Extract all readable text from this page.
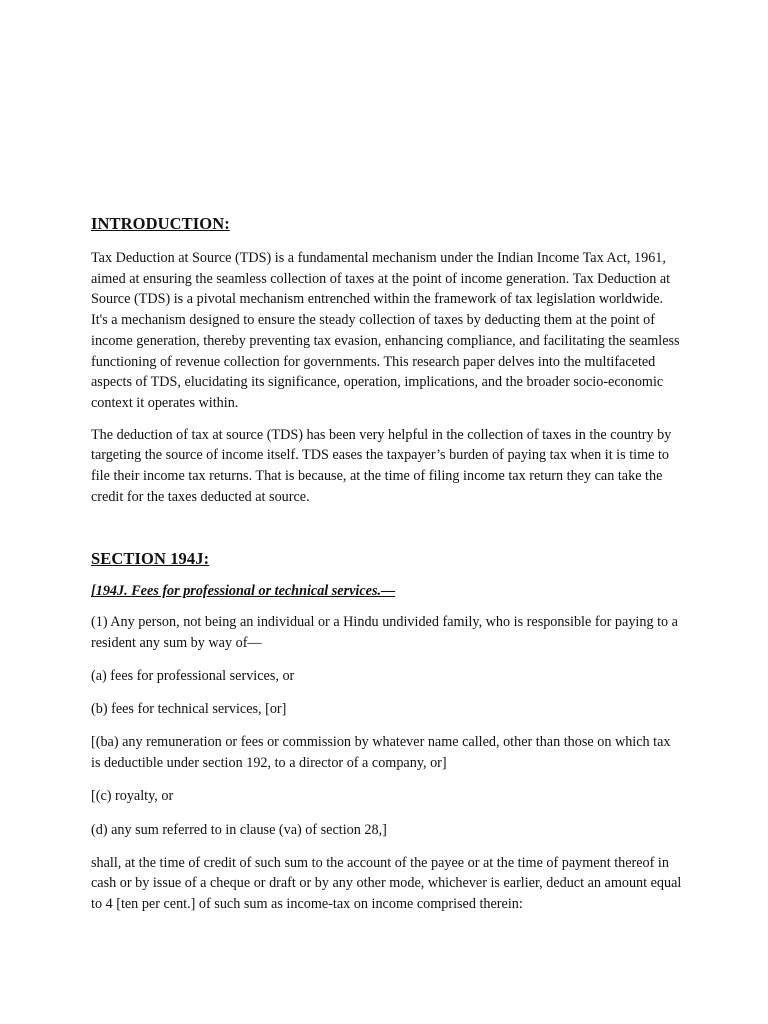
INTRODUCTION:

Tax Deduction at Source (TDS) is a fundamental mechanism under the Indian Income Tax Act, 1961, aimed at ensuring the seamless collection of taxes at the point of income generation. Tax Deduction at Source (TDS) is a pivotal mechanism entrenched within the framework of tax legislation worldwide. It's a mechanism designed to ensure the steady collection of taxes by deducting them at the point of income generation, thereby preventing tax evasion, enhancing compliance, and facilitating the seamless functioning of revenue collection for governments. This research paper delves into the multifaceted aspects of TDS, elucidating its significance, operation, implications, and the broader socio-economic context it operates within.

The deduction of tax at source (TDS) has been very helpful in the collection of taxes in the country by targeting the source of income itself. TDS eases the taxpayer’s burden of paying tax when it is time to file their income tax returns. That is because, at the time of filing income tax return they can take the credit for the taxes deducted at source.

SECTION 194J:
[194J. Fees for professional or technical services.—

(1) Any person, not being an individual or a Hindu undivided family, who is responsible for paying to a resident any sum by way of—

(a) fees for professional services, or

(b) fees for technical services, [or]

[(ba) any remuneration or fees or commission by whatever name called, other than those on which tax is deductible under section 192, to a director of a company, or]

[(c) royalty, or

(d) any sum referred to in clause (va) of section 28,]

shall, at the time of credit of such sum to the account of the payee or at the time of payment thereof in cash or by issue of a cheque or draft or by any other mode, whichever is earlier, deduct an amount equal to 4 [ten per cent.] of such sum as income-tax on income comprised therein:
